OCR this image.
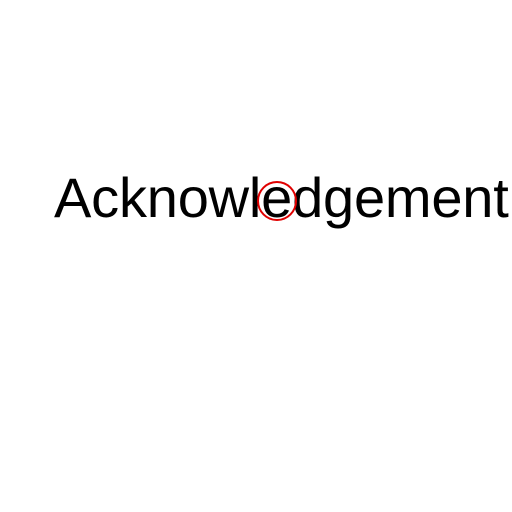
Acknowledgement
